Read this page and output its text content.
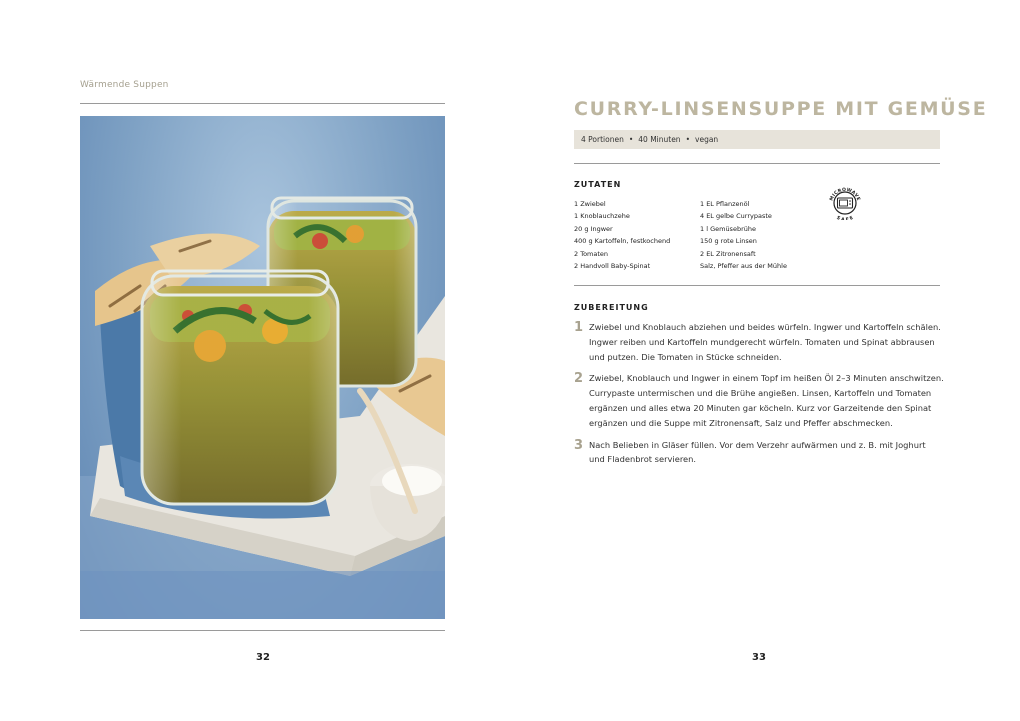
Wärmende Suppen
32
CURRY-LINSENSUPPE MIT GEMÜSE
4 Portionen • 40 Minuten • vegan
ZUTATEN
1 Zwiebel
1 Knoblauchzehe
20 g Ingwer
400 g Kartoffeln, festkochend
2 Tomaten
2 Handvoll Baby-Spinat
1 EL Pflanzenöl
4 EL gelbe Currypaste
1 l Gemüsebrühe
150 g rote Linsen
2 EL Zitronensaft
Salz, Pfeffer aus der Mühle
MICROWAVE
S E
ZUBEREITUNG
1 Zwiebel und Knoblauch abziehen und beides würfeln. Ingwer und Kartoffeln schälen. Ingwer reiben und Kartoffeln mundgerecht würfeln. Tomaten und Spinat abbrausen und putzen. Die Tomaten in Stücke schneiden.
2 Zwiebel, Knoblauch und Ingwer in einem Topf im heißen Öl 2–3 Minuten anschwitzen. Currypaste untermischen und die Brühe angießen. Linsen, Kartoffeln und Tomaten ergänzen und alles etwa 20 Minuten gar köcheln. Kurz vor Garzeitende den Spinat ergänzen und die Suppe mit Zitronensaft, Salz und Pfeffer abschmecken.
3 Nach Belieben in Gläser füllen. Vor dem Verzehr aufwärmen und z. B. mit Joghurt und Fladenbrot servieren.
33
